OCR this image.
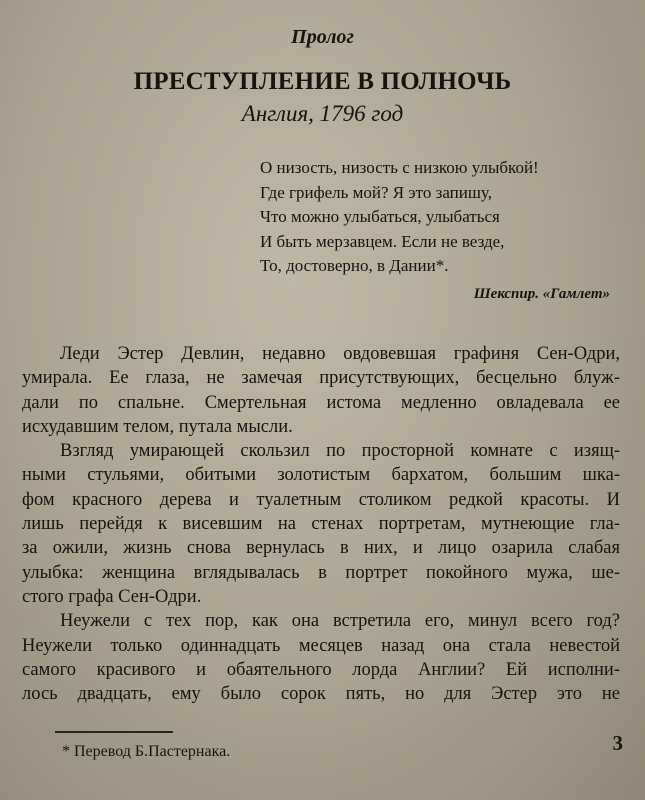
Пролог
ПРЕСТУПЛЕНИЕ В ПОЛНОЧЬ
Англия, 1796 год
О низость, низость с низкою улыбкой!
Где грифель мой? Я это запишу,
Что можно улыбаться, улыбаться
И быть мерзавцем. Если не везде,
То, достоверно, в Дании*.
Шекспир. «Гамлет»
Леди Эстер Девлин, недавно овдовевшая графиня Сен-Одри,
умирала. Ее глаза, не замечая присутствующих, бесцельно блуж-
дали по спальне. Смертельная истома медленно овладевала ее
исхудавшим телом, путала мысли.
Взгляд умирающей скользил по просторной комнате с изящ-
ными стульями, обитыми золотистым бархатом, большим шка-
фом красного дерева и туалетным столиком редкой красоты. И
лишь перейдя к висевшим на стенах портретам, мутнеющие гла-
за ожили, жизнь снова вернулась в них, и лицо озарила слабая
улыбка: женщина вглядывалась в портрет покойного мужа, ше-
стого графа Сен-Одри.
Неужели с тех пор, как она встретила его, минул всего год?
Неужели только одиннадцать месяцев назад она стала невестой
самого красивого и обаятельного лорда Англии? Ей исполни-
лось двадцать, ему было сорок пять, но для Эстер это не
* Перевод Б.Пастернака.	3
